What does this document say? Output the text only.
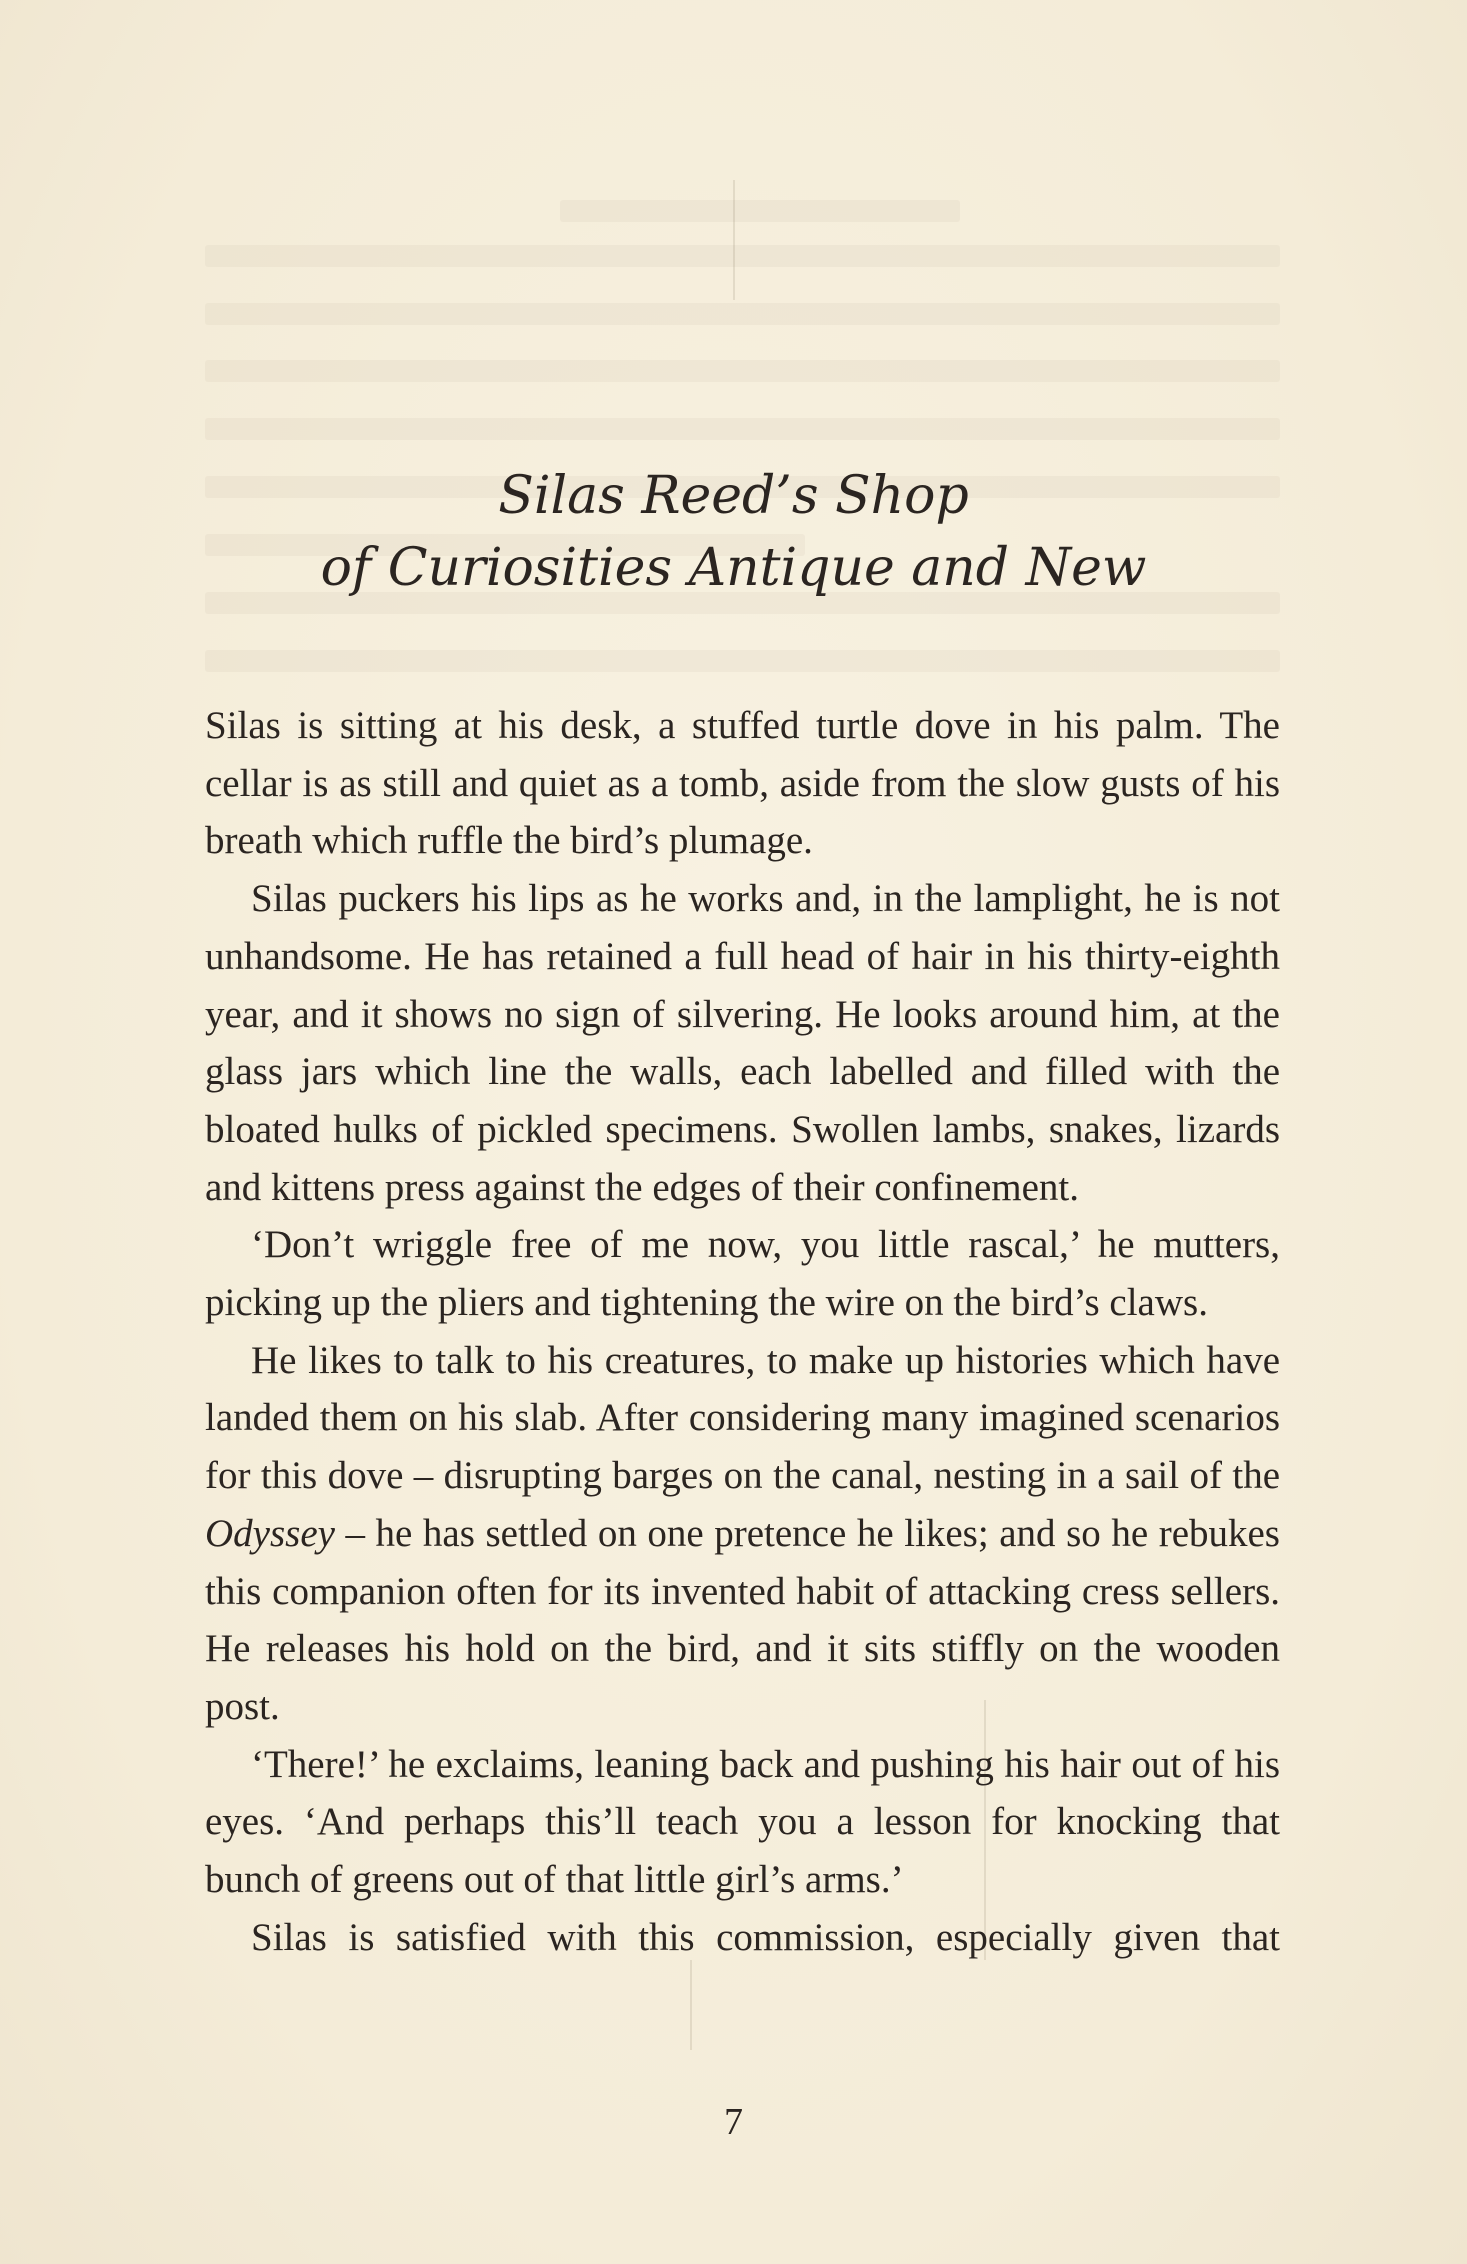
Silas Reed’s Shop
of Curiosities Antique and New

Silas is sitting at his desk, a stuffed turtle dove in his palm. The cellar is as still and quiet as a tomb, aside from the slow gusts of his breath which ruffle the bird’s plumage.

Silas puckers his lips as he works and, in the lamplight, he is not unhandsome. He has retained a full head of hair in his thirty-eighth year, and it shows no sign of silvering. He looks around him, at the glass jars which line the walls, each labelled and filled with the bloated hulks of pickled specimens. Swollen lambs, snakes, lizards and kittens press against the edges of their confinement.

‘Don’t wriggle free of me now, you little rascal,’ he mutters, picking up the pliers and tightening the wire on the bird’s claws.

He likes to talk to his creatures, to make up histories which have landed them on his slab. After considering many imagined scenarios for this dove – disrupting barges on the canal, nesting in a sail of the Odyssey – he has settled on one pretence he likes; and so he rebukes this companion often for its invented habit of attacking cress sellers. He releases his hold on the bird, and it sits stiffly on the wooden post.

‘There!’ he exclaims, leaning back and pushing his hair out of his eyes. ‘And perhaps this’ll teach you a lesson for knocking that bunch of greens out of that little girl’s arms.’

Silas is satisfied with this commission, especially given that

7
